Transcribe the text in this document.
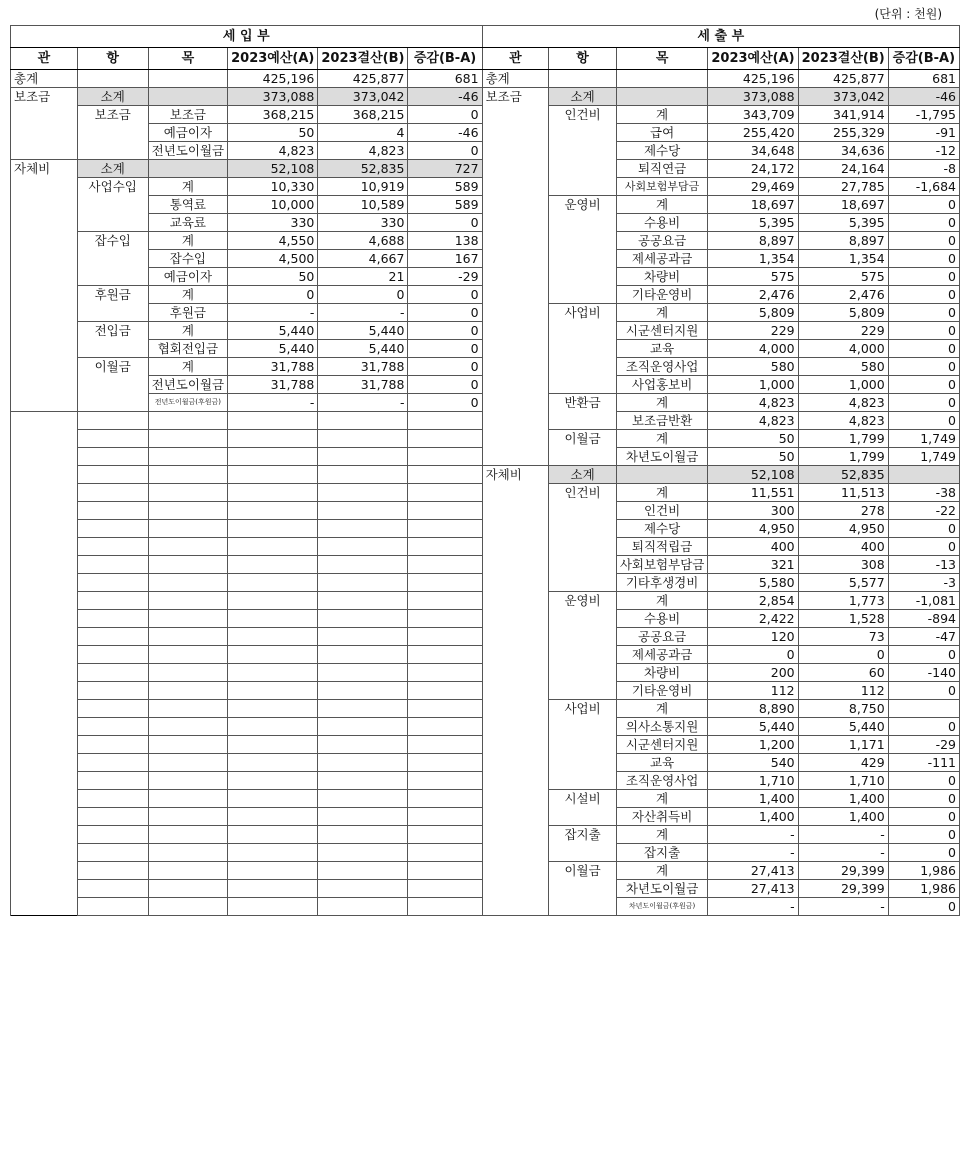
(단위 : 천원)
세 입 부						세 출 부					
관	항	목	2023예산(A)	2023결산(B)	증감(B-A)	관	항	목	2023예산(A)	2023결산(B)	증감(B-A)
총계			425,196	425,877	681	총계			425,196	425,877	681
보조금	소계		373,088	373,042	-46	보조금	소계		373,088	373,042	-46
	보조금	보조금	368,215	368,215	0		인건비	계	343,709	341,914	-1,795
		예금이자	50	4	-46			급여	255,420	255,329	-91
		전년도이월금	4,823	4,823	0			제수당	34,648	34,636	-12
자체비	소계		52,108	52,835	727			퇴직연금	24,172	24,164	-8
	사업수입	계	10,330	10,919	589			사회보험부담금	29,469	27,785	-1,684
		통역료	10,000	10,589	589		운영비	계	18,697	18,697	0
		교육료	330	330	0			수용비	5,395	5,395	0
	잡수입	계	4,550	4,688	138			공공요금	8,897	8,897	0
		잡수입	4,500	4,667	167			제세공과금	1,354	1,354	0
		예금이자	50	21	-29			차량비	575	575	0
	후원금	계	0	0	0			기타운영비	2,476	2,476	0
		후원금	-	-	0		사업비	계	5,809	5,809	0
	전입금	계	5,440	5,440	0			시군센터지원	229	229	0
		협회전입금	5,440	5,440	0			교육	4,000	4,000	0
	이월금	계	31,788	31,788	0			조직운영사업	580	580	0
		전년도이월금	31,788	31,788	0			사업홍보비	1,000	1,000	0
		전년도이월금(후원금)	-	-	0		반환금	계	4,823	4,823	0
								보조금반환	4,823	4,823	0
							이월금	계	50	1,799	1,749
								차년도이월금	50	1,799	1,749
						자체비	소계		52,108	52,835	
							인건비	계	11,551	11,513	-38
								인건비	300	278	-22
								제수당	4,950	4,950	0
								퇴직적립금	400	400	0
								사회보험부담금	321	308	-13
								기타후생경비	5,580	5,577	-3
							운영비	계	2,854	1,773	-1,081
								수용비	2,422	1,528	-894
								공공요금	120	73	-47
								제세공과금	0	0	0
								차량비	200	60	-140
								기타운영비	112	112	0
							사업비	계	8,890	8,750	
								의사소통지원	5,440	5,440	0
								시군센터지원	1,200	1,171	-29
								교육	540	429	-111
								조직운영사업	1,710	1,710	0
							시설비	계	1,400	1,400	0
								자산취득비	1,400	1,400	0
							잡지출	계	-	-	0
								잡지출	-	-	0
							이월금	계	27,413	29,399	1,986
								차년도이월금	27,413	29,399	1,986
								차년도이월금(후원금)	-	-	0
